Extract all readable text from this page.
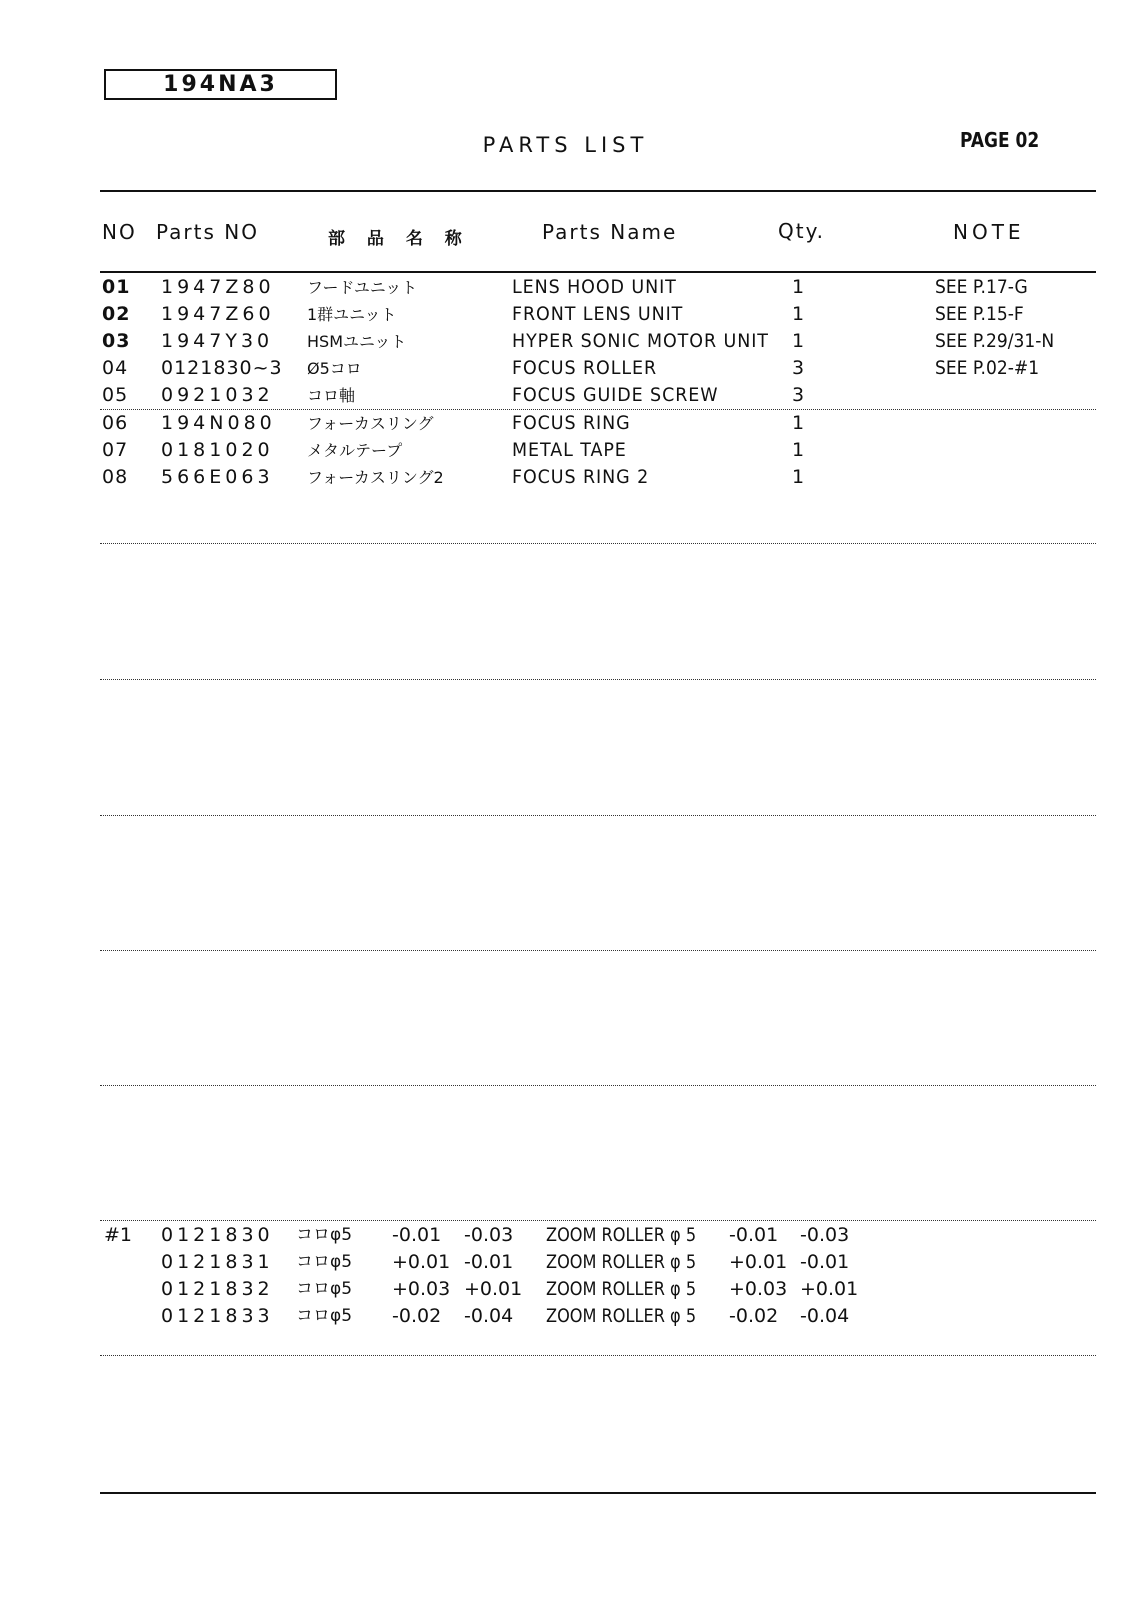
194NA3
PARTS LIST	PAGE 02
NO Parts NO	部 品 名 称	Parts Name	Qty.	NOTE
01 1947Z80 フードユニット	LENS HOOD UNIT	1	SEE P.17-G
02 1947Z60 1群ユニット	FRONT LENS UNIT	1	SEE P.15-F
03 1947Y30 HSMユニット	HYPER SONIC MOTOR UNIT 1	SEE P.29/31-N
04 0121830~3 Ø5コロ	FOCUS ROLLER	3	SEE P.02-#1
05 0921032 コロ軸	FOCUS GUIDE SCREW	3
06 194N080 フォーカスリング	FOCUS RING	1
07 0181020 メタルテープ	METAL TAPE	1
08 566E063 フォーカスリング2	FOCUS RING 2	1
#1 0121830 コロφ5 -0.01 -0.03 ZOOM ROLLER φ 5 -0.01 -0.03
0121831 コロφ5 +0.01 -0.01 ZOOM ROLLER φ 5 +0.01 -0.01
0121832 コロφ5 +0.03 +0.01 ZOOM ROLLER φ 5 +0.03 +0.01
0121833 コロφ5 -0.02 -0.04 ZOOM ROLLER φ 5 -0.02 -0.04
